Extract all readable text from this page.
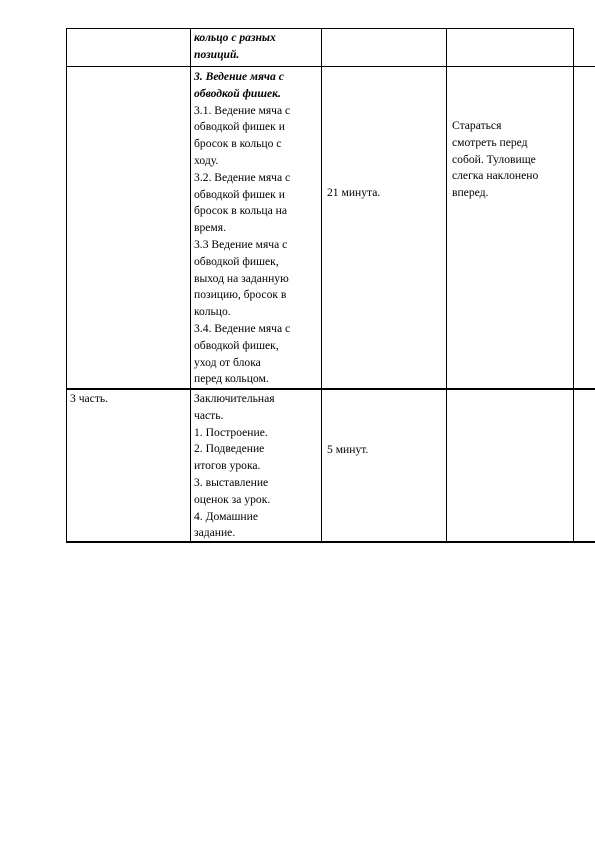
кольцо с разных
позиций.
3. Ведение мяча с
обводкой фишек.
3.1. Ведение мяча с
обводкой фишек и
бросок в кольцо с
ходу.
3.2. Ведение мяча с
обводкой фишек и
бросок в кольца на
время.
3.3 Ведение мяча с
обводкой фишек,
выход на заданную
позицию, бросок в
кольцо.
3.4. Ведение мяча с
обводкой фишек,
уход от блока
перед кольцом.
21 минута.
Стараться
смотреть перед
собой. Туловище
слегка наклонено
вперед.
3 часть.	Заключительная
часть.
1. Построение.
2. Подведение
итогов урока.
3. выставление
оценок за урок.
4. Домашние
задание.
5 минут.
